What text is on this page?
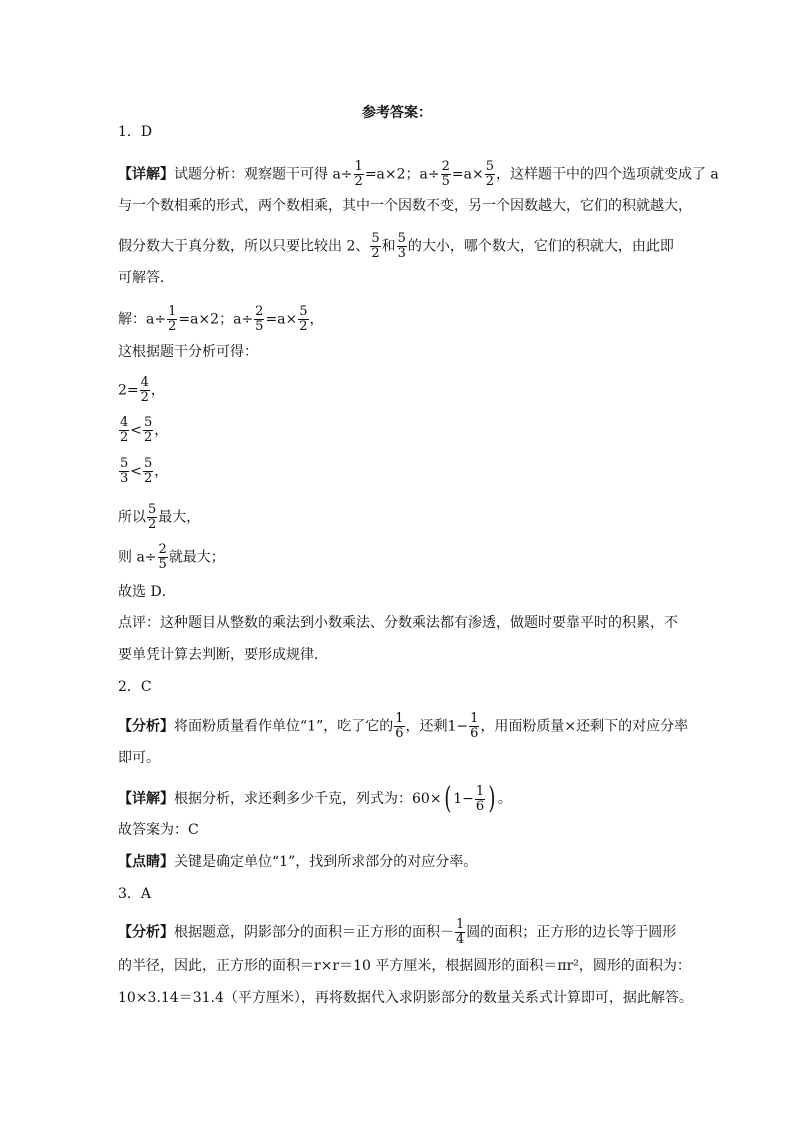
参考答案：
1．D
【详解】试题分析：观察题干可得 $a\div \frac{1}{2} =a\times 2$；$a\div \frac{2}{5} =a\times \frac{5}{2}$ ，这样题干中的四个选项就变成了 a
与一个数相乘的形式，两个数相乘，其中一个因数不变，另一个因数越大，它们的积就越大，
假分数大于真分数，所以只要比较出 2、 $\frac{5}{2}$ 和 $\frac{5}{3}$ 的大小，哪个数大，它们的积就大，由此即
可解答．
解：$a\div \frac{1}{2} =a\times 2$；$a\div \frac{2}{5} =a\times \frac{5}{2}$ ，
这根据题干分析可得：
$2= \frac{4}{2}$ ，
$\frac{4}{2} < \frac{5}{2}$ ，
$\frac{5}{3} < \frac{5}{2}$ ，
所以 $\frac{5}{2}$ 最大，
则 $a\div \frac{2}{5}$ 就最大；
故选 D．
点评：这种题目从整数的乘法到小数乘法、分数乘法都有渗透，做题时要靠平时的积累，不
要单凭计算去判断，要形成规律．
2．C
【分析】将面粉质量看作单位“1”，吃了它的 $\frac{1}{6}$ ，还剩$1- \frac{1}{6}$ ，用面粉质量×还剩下的对应分率
即可。
【详解】根据分析，求还剩多少千克，列式为：60×( $1- \frac{1}{6}$ ) 。
故答案为：C
【点睛】关键是确定单位“1”，找到所求部分的对应分率。
3．A
【分析】根据题意，阴影部分的面积＝正方形的面积－ $\frac{1}{4}$ 圆的面积；正方形的边长等于圆形
的半径，因此，正方形的面积＝r×r＝10 平方厘米，根据圆形的面积＝πr²，圆形的面积为：
10×3.14＝31.4（平方厘米），再将数据代入求阴影部分的数量关系式计算即可，据此解答。
